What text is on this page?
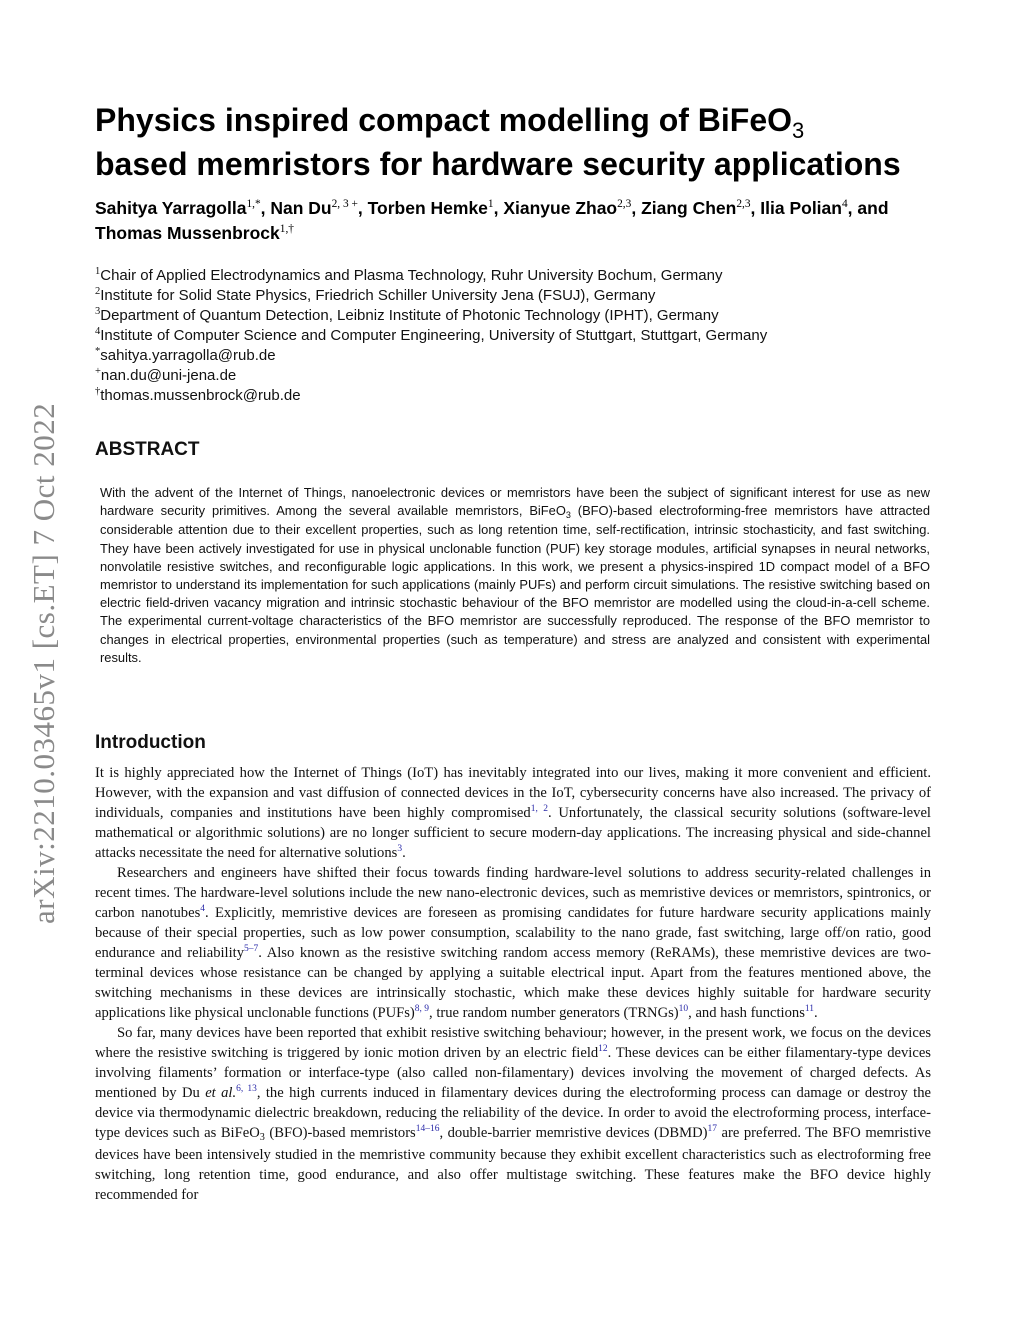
arXiv:2210.03465v1 [cs.ET] 7 Oct 2022
Physics inspired compact modelling of BiFeO$_3$
based memristors for hardware security applications
Sahitya Yarragolla$^{1,*}$, Nan $Du^{2, 3 +}$, Torben Hemke$^1$, Xianyue Zhao$^{2,3}$, Ziang Chen$^{2,3}$, Ilia Polian$^4$, and Thomas Mussenbrock$^{1,\dagger}$
$^1$Chair of Applied Electrodynamics and Plasma Technology, Ruhr University Bochum, Germany
$^2$Institute for Solid State Physics, Friedrich Schiller University Jena (FSUJ), Germany
$^3$Department of Quantum Detection, Leibniz Institute of Photonic Technology (IPHT), Germany
$^4$Institute of Computer Science and Computer Engineering, University of Stuttgart, Stuttgart, Germany
*sahitya.yarragolla@rub.de
+nan.du@uni-jena.de
†thomas.mussenbrock@rub.de
ABSTRACT

With the advent of the Internet of Things, nanoelectronic devices or memristors have been the subject of significant interest for use as new hardware security primitives. Among the several available memristors, BiFeO$_3$ (BFO)-based electroforming-free memristors have attracted considerable attention due to their excellent properties, such as long retention time, self-rectification, intrinsic stochasticity, and fast switching. They have been actively investigated for use in physical unclonable function (PUF) key storage modules, artificial synapses in neural networks, nonvolatile resistive switches, and reconfigurable logic applications. In this work, we present a physics-inspired 1D compact model of a BFO memristor to understand its implementation for such applications (mainly PUFs) and perform circuit simulations. The resistive switching based on electric field-driven vacancy migration and intrinsic stochastic behaviour of the BFO memristor are modelled using the cloud-in-a-cell scheme. The experimental current-voltage characteristics of the BFO memristor are successfully reproduced. The response of the BFO memristor to changes in electrical properties, environmental properties (such as temperature) and stress are analyzed and consistent with experimental results.

Introduction

It is highly appreciated how the Internet of Things (IoT) has inevitably integrated into our lives, making it more convenient and efficient. However, with the expansion and vast diffusion of connected devices in the IoT, cybersecurity concerns have also increased. The privacy of individuals, companies and institutions have been highly compromised$^{1, 2}$. Unfortunately, the classical security solutions (software-level mathematical or algorithmic solutions) are no longer sufficient to secure modern-day applications. The increasing physical and side-channel attacks necessitate the need for alternative solutions$^3$.

Researchers and engineers have shifted their focus towards finding hardware-level solutions to address security-related challenges in recent times. The hardware-level solutions include the new nano-electronic devices, such as memristive devices or memristors, spintronics, or carbon nanotubes$^4$. Explicitly, memristive devices are foreseen as promising candidates for future hardware security applications mainly because of their special properties, such as low power consumption, scalability to the nano grade, fast switching, large off/on ratio, good endurance and reliability$^{5-7}$. Also known as the resistive switching random access memory (ReRAMs), these memristive devices are two-terminal devices whose resistance can be changed by applying a suitable electrical input. Apart from the features mentioned above, the switching mechanisms in these devices are intrinsically stochastic, which make these devices highly suitable for hardware security applications like physical unclonable functions (PUFs)$^{8, 9}$, true random number generators (TRNGs)$^{10}$, and hash functions$^{11}$.

So far, many devices have been reported that exhibit resistive switching behaviour; however, in the present work, we focus on the devices where the resistive switching is triggered by ionic motion driven by an electric field$^{12}$. These devices can be either filamentary-type devices involving filaments’ formation or interface-type (also called non-filamentary) devices involving the movement of charged defects. As mentioned by Du et al.$^{6, 13}$, the high currents induced in filamentary devices during the electroforming process can damage or destroy the device via thermodynamic dielectric breakdown, reducing the reliability of the device. In order to avoid the electroforming process, interface-type devices such as BiFeO$_3$ (BFO)-based memristors$^{14-16}$, double-barrier memristive devices (DBMD)$^{17}$ are preferred. The BFO memristive devices have been intensively studied in the memristive community because they exhibit excellent characteristics such as electroforming free switching, long retention time, good endurance, and also offer multistage switching. These features make the BFO device highly recommended for
